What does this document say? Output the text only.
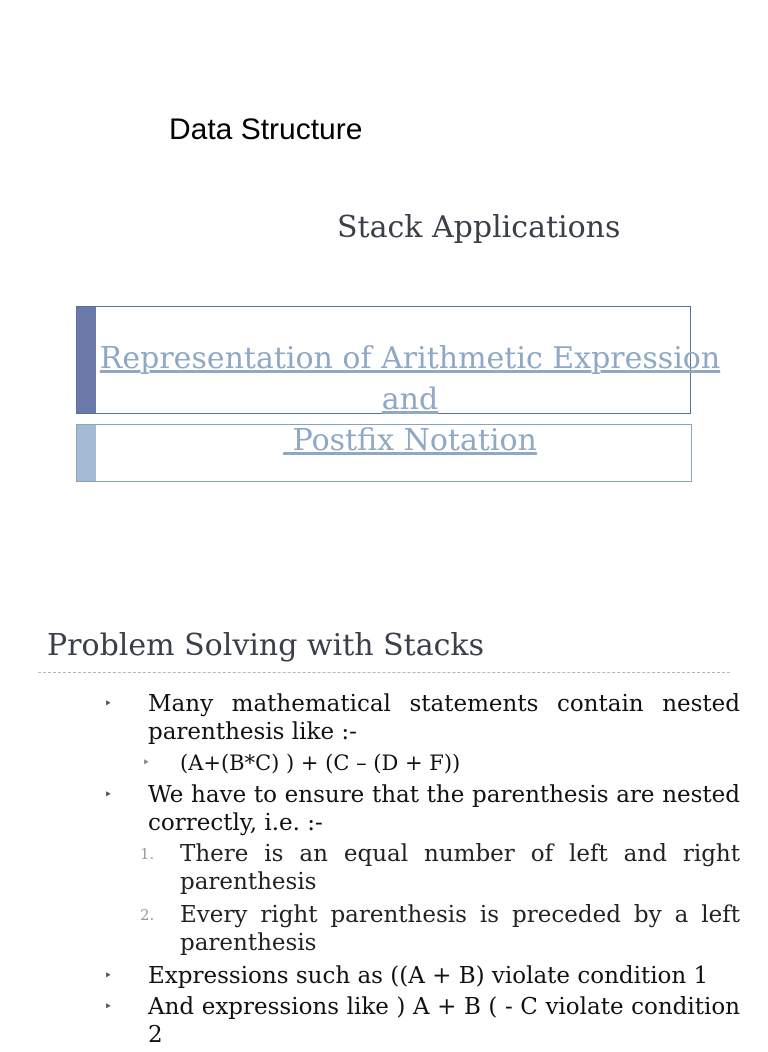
Data Structure
Stack Applications
Representation of Arithmetic Expression
and
Postfix Notation
Problem Solving with Stacks
‣ Many mathematical statements contain nested parenthesis like :-
‣ (A+(B*C) ) + (C – (D + F))
‣ We have to ensure that the parenthesis are nested correctly, i.e. :-
1. There is an equal number of left and right parenthesis
2. Every right parenthesis is preceded by a left parenthesis
‣ Expressions such as ((A + B) violate condition 1
‣ And expressions like ) A + B ( - C violate condition 2
